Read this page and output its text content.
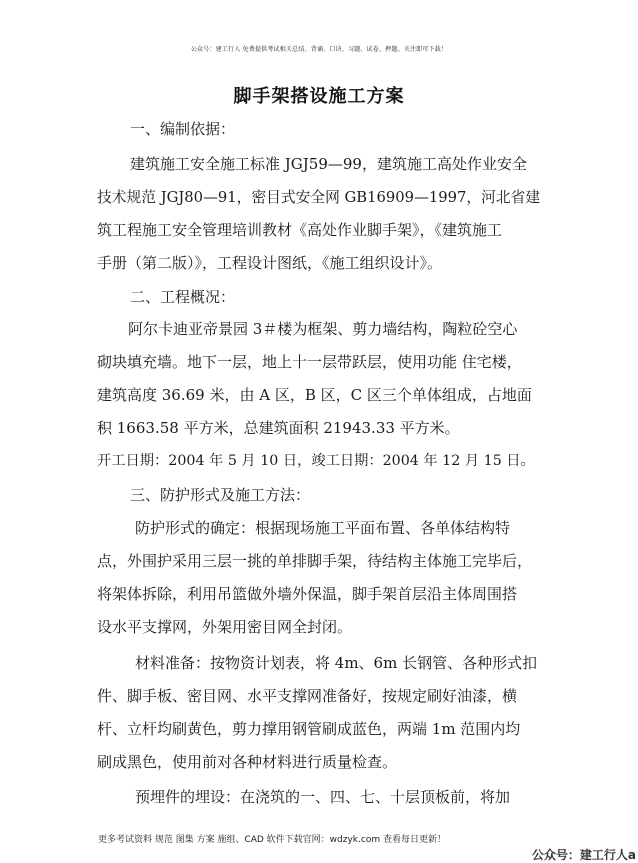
公众号：建工行人 免费提供考试相关总结、背诵、口诀、习题、试卷、押题。关注即可下载！
脚手架搭设施工方案
一、编制依据：
建筑施工安全施工标准 JGJ59—99，建筑施工高处作业安全
技术规范 JGJ80—91，密目式安全网 GB16909—1997，河北省建
筑工程施工安全管理培训教材《高处作业脚手架》，《建筑施工
手册（第二版）》，工程设计图纸，《施工组织设计》。
二、工程概况：
阿尔卡迪亚帝景园 3＃楼为框架、剪力墙结构，陶粒砼空心
砌块填充墙。地下一层，地上十一层带跃层，使用功能 住宅楼，
建筑高度 36.69 米，由 A 区，B 区，C 区三个单体组成，占地面
积 1663.58 平方米，总建筑面积 21943.33 平方米。
开工日期：2004 年 5 月 10 日，竣工日期：2004 年 12 月 15 日。
三、防护形式及施工方法：
防护形式的确定：根据现场施工平面布置、各单体结构特
点，外围护采用三层一挑的单排脚手架，待结构主体施工完毕后，
将架体拆除，利用吊篮做外墙外保温，脚手架首层沿主体周围搭
设水平支撑网，外架用密目网全封闭。
材料准备：按物资计划表，将 4m、6m 长钢管、各种形式扣
件、脚手板、密目网、水平支撑网准备好，按规定刷好油漆，横
杆、立杆均刷黄色，剪力撑用钢管刷成蓝色，两端 1m 范围内均
刷成黑色，使用前对各种材料进行质量检查。
预埋件的埋设：在浇筑的一、四、七、十层顶板前，将加
更多考试资料 规范 图集 方案 施组、CAD 软件下载官网：wdzyk.com 查看每日更新！
公众号：建工行人a
